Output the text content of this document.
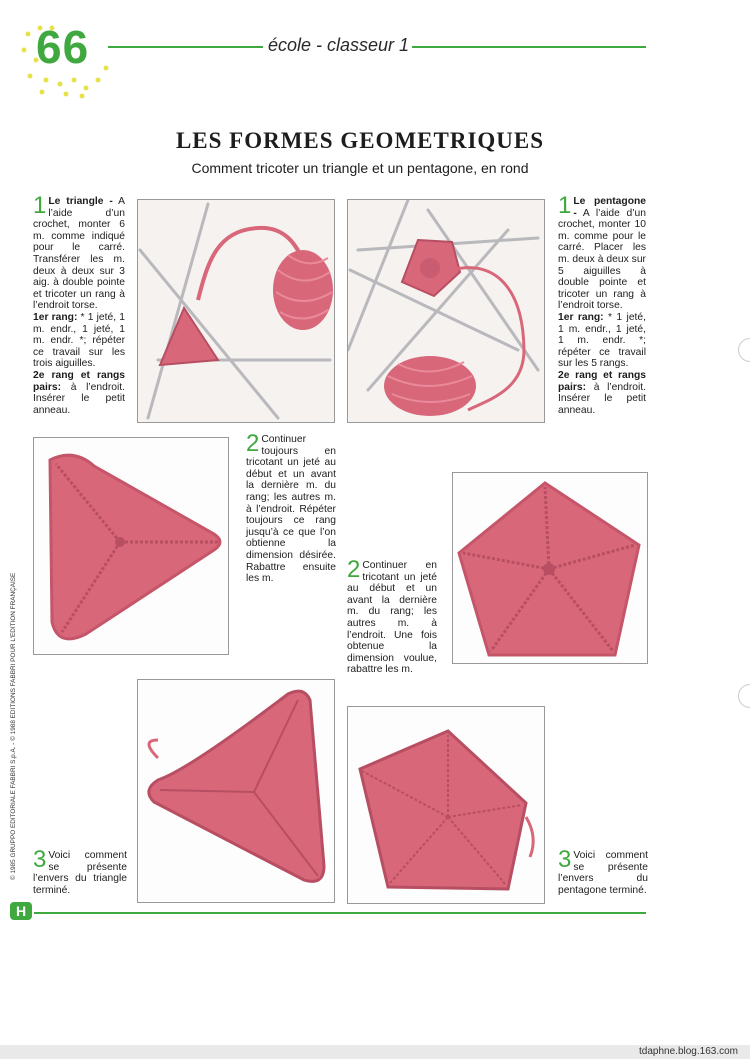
66	école - classeur 1
LES FORMES GEOMETRIQUES
Comment tricoter un triangle et un pentagone, en rond
1 Le triangle - A l’aide d’un crochet, monter 6 m. comme indiqué pour le carré. Transférer les m. deux à deux sur 3 aig. à double pointe et tricoter un rang à l’endroit torse.
1er rang: * 1 jeté, 1 m. endr., 1 jeté, 1 m. endr. *; répéter ce travail sur les trois aiguilles.
2e rang et rangs pairs: à l’endroit. Insérer le petit anneau.
1 Le pentagone - A l’aide d’un crochet, monter 10 m. comme pour le carré. Placer les m. deux à deux sur 5 aiguilles à double pointe et tricoter un rang à l’endroit torse.
1er rang: * 1 jeté, 1 m. endr., 1 jeté, 1 m. endr. *; répéter ce travail sur les 5 rangs.
2e rang et rangs pairs: à l’endroit. Insérer le petit anneau.
2 Continuer toujours en tricotant un jeté au début et un avant la dernière m. du rang; les autres m. à l’endroit. Répéter toujours ce rang jusqu’à ce que l’on obtienne la dimension désirée. Rabattre ensuite les m.	2 Continuer en tricotant un jeté au début et un avant la dernière m. du rang; les autres m. à l’endroit. Une fois obtenue la dimension voulue, rabattre les m.
3 Voici comment se présente l’envers du triangle terminé.
3 Voici comment se présente l’envers du pentagone terminé.
© 1985 GRUPPO EDITORIALE FABBRI S.p.A. - © 1988 EDITIONS FABBRI POUR L’EDITION FRANÇAISE
H
tdaphne.blog.163.com
